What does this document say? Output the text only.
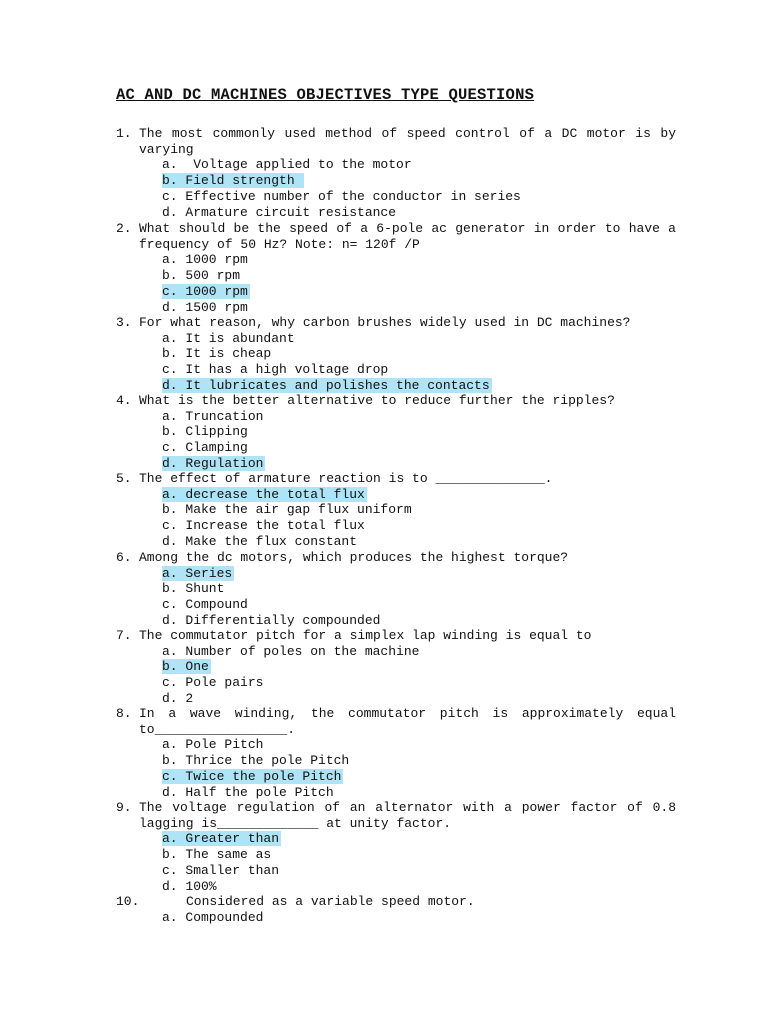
AC AND DC MACHINES OBJECTIVES TYPE QUESTIONS
1. The most commonly used method of speed control of a DC motor is by varying
a.  Voltage applied to the motor
b. Field strength
c. Effective number of the conductor in series
d. Armature circuit resistance
2. What should be the speed of a 6-pole ac generator in order to have a frequency of 50 Hz? Note: n= 120f /P
a. 1000 rpm
b. 500 rpm
c. 1000 rpm
d. 1500 rpm
3. For what reason, why carbon brushes widely used in DC machines?
a. It is abundant
b. It is cheap
c. It has a high voltage drop
d. It lubricates and polishes the contacts
4. What is the better alternative to reduce further the ripples?
a. Truncation
b. Clipping
c. Clamping
d. Regulation
5. The effect of armature reaction is to ______________.
a. decrease the total flux
b. Make the air gap flux uniform
c. Increase the total flux
d. Make the flux constant
6. Among the dc motors, which produces the highest torque?
a. Series
b. Shunt
c. Compound
d. Differentially compounded
7. The commutator pitch for a simplex lap winding is equal to
a. Number of poles on the machine
b. One
c. Pole pairs
d. 2
8. In a wave winding, the commutator pitch is approximately equal to_________________.
a. Pole Pitch
b. Thrice the pole Pitch
c. Twice the pole Pitch
d. Half the pole Pitch
9. The voltage regulation of an alternator with a power factor of 0.8 lagging is_____________ at unity factor.
a. Greater than
b. The same as
c. Smaller than
d. 100%
10.	Considered as a variable speed motor.
a. Compounded
